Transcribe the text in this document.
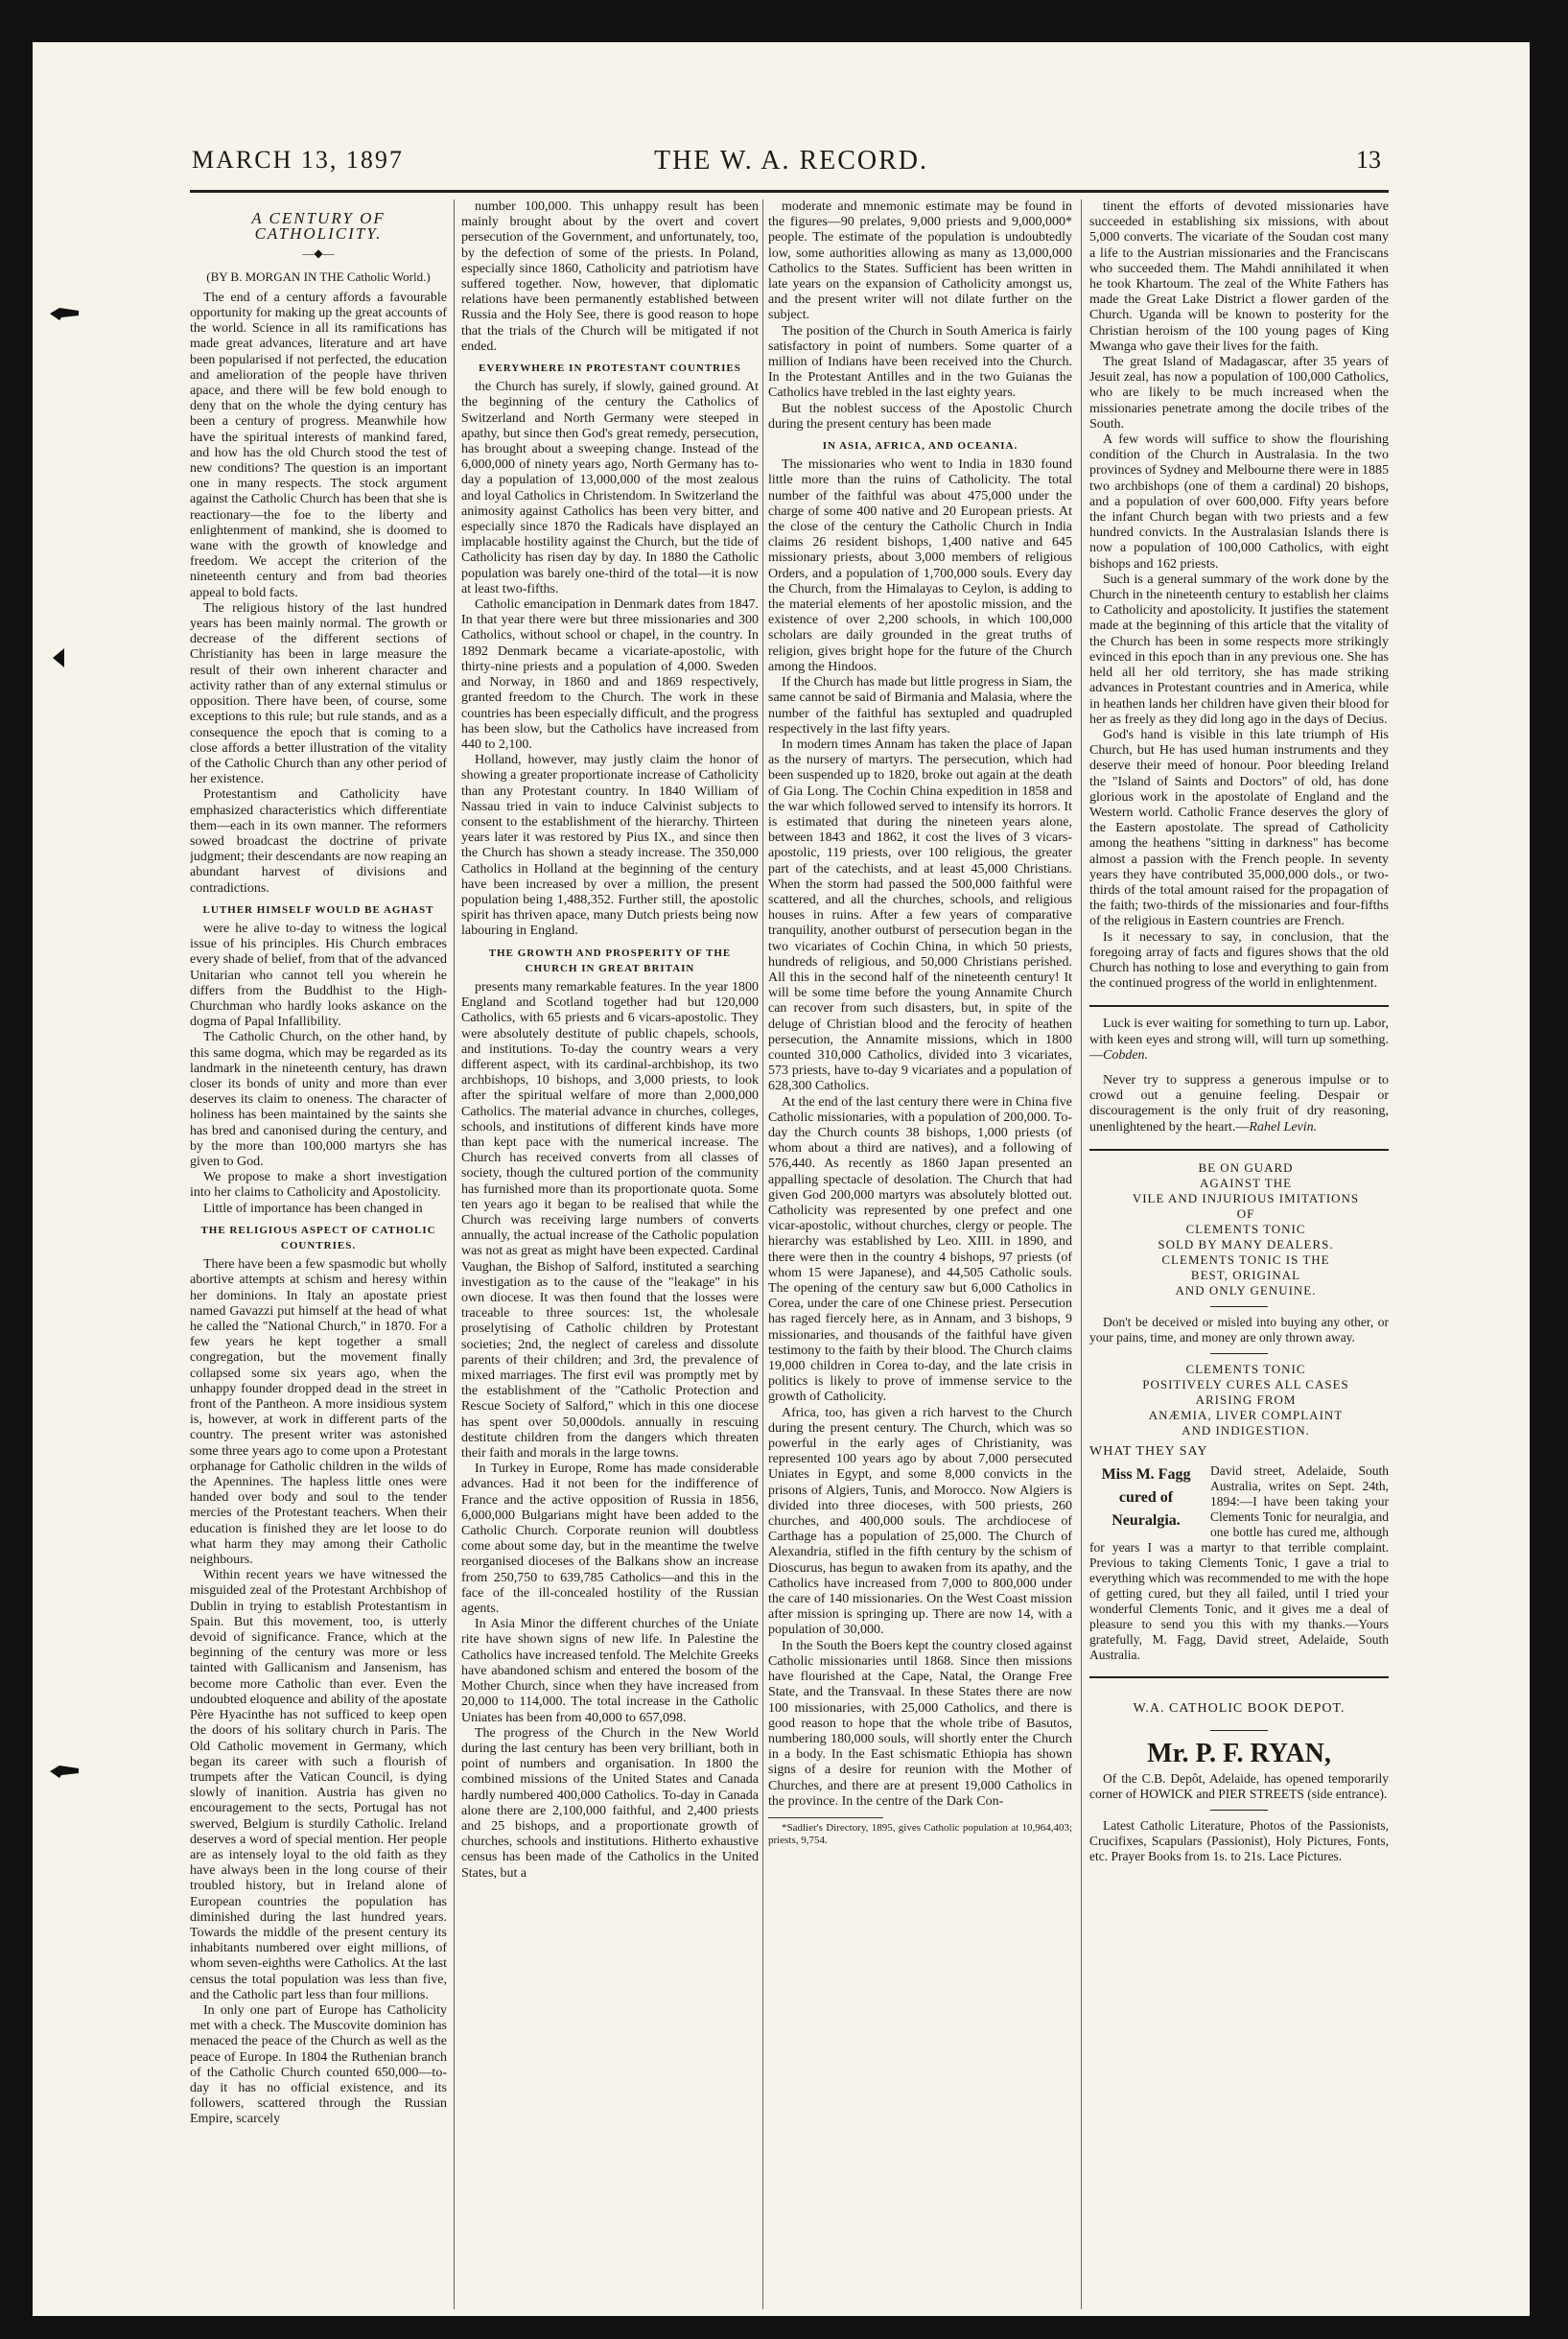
THE W. A. RECORD.
MARCH 13, 1897	13
A CENTURY OF CATHOLICITY.
—◆—
(BY B. MORGAN IN THE Catholic World.)

The end of a century affords a favourable opportunity for making up the great accounts of the world. Science in all its ramifications has made great advances, literature and art have been popularised if not perfected, the education and amelioration of the people have thriven apace, and there will be few bold enough to deny that on the whole the dying century has been a century of progress. Meanwhile how have the spiritual interests of mankind fared, and how has the old Church stood the test of new conditions? The question is an important one in many respects. The stock argument against the Catholic Church has been that she is reactionary—the foe to the liberty and enlightenment of mankind, she is doomed to wane with the growth of knowledge and freedom. We accept the criterion of the nineteenth century and from bad theories appeal to bold facts.

The religious history of the last hundred years has been mainly normal. The growth or decrease of the different sections of Christianity has been in large measure the result of their own inherent character and activity rather than of any external stimulus or opposition. There have been, of course, some exceptions to this rule; but rule stands, and as a consequence the epoch that is coming to a close affords a better illustration of the vitality of the Catholic Church than any other period of her existence.

Protestantism and Catholicity have emphasized characteristics which differentiate them—each in its own manner. The reformers sowed broadcast the doctrine of private judgment; their descendants are now reaping an abundant harvest of divisions and contradictions.

LUTHER HIMSELF WOULD BE AGHAST

were he alive to-day to witness the logical issue of his principles. His Church embraces every shade of belief, from that of the advanced Unitarian who cannot tell you wherein he differs from the Buddhist to the High-Churchman who hardly looks askance on the dogma of Papal Infallibility.

The Catholic Church, on the other hand, by this same dogma, which may be regarded as its landmark in the nineteenth century, has drawn closer its bonds of unity and more than ever deserves its claim to oneness. The character of holiness has been maintained by the saints she has bred and canonised during the century, and by the more than 100,000 martyrs she has given to God.

We propose to make a short investigation into her claims to Catholicity and Apostolicity.

Little of importance has been changed in

THE RELIGIOUS ASPECT OF CATHOLIC COUNTRIES.

There have been a few spasmodic but wholly abortive attempts at schism and heresy within her dominions. In Italy an apostate priest named Gavazzi put himself at the head of what he called the "National Church," in 1870. For a few years he kept together a small congregation, but the movement finally collapsed some six years ago, when the unhappy founder dropped dead in the street in front of the Pantheon. A more insidious system is, however, at work in different parts of the country. The present writer was astonished some three years ago to come upon a Protestant orphanage for Catholic children in the wilds of the Apennines. The hapless little ones were handed over body and soul to the tender mercies of the Protestant teachers. When their education is finished they are let loose to do what harm they may among their Catholic neighbours.

Within recent years we have witnessed the misguided zeal of the Protestant Archbishop of Dublin in trying to establish Protestantism in Spain. But this movement, too, is utterly devoid of significance. France, which at the beginning of the century was more or less tainted with Gallicanism and Jansenism, has become more Catholic than ever. Even the undoubted eloquence and ability of the apostate Père Hyacinthe has not sufficed to keep open the doors of his solitary church in Paris. The Old Catholic movement in Germany, which began its career with such a flourish of trumpets after the Vatican Council, is dying slowly of inanition. Austria has given no encouragement to the sects, Portugal has not swerved, Belgium is sturdily Catholic. Ireland deserves a word of special mention. Her people are as intensely loyal to the old faith as they have always been in the long course of their troubled history, but in Ireland alone of European countries the population has diminished during the last hundred years. Towards the middle of the present century its inhabitants numbered over eight millions, of whom seven-eighths were Catholics. At the last census the total population was less than five, and the Catholic part less than four millions.

In only one part of Europe has Catholicity met with a check. The Muscovite dominion has menaced the peace of the Church as well as the peace of Europe. In 1804 the Ruthenian branch of the Catholic Church counted 650,000—to-day it has no official existence, and its followers, scattered through the Russian Empire, scarcely

number 100,000. This unhappy result has been mainly brought about by the overt and covert persecution of the Government, and unfortunately, too, by the defection of some of the priests. In Poland, especially since 1860, Catholicity and patriotism have suffered together. Now, however, that diplomatic relations have been permanently established between Russia and the Holy See, there is good reason to hope that the trials of the Church will be mitigated if not ended.

EVERYWHERE IN PROTESTANT COUNTRIES

the Church has surely, if slowly, gained ground. At the beginning of the century the Catholics of Switzerland and North Germany were steeped in apathy, but since then God's great remedy, persecution, has brought about a sweeping change. Instead of the 6,000,000 of ninety years ago, North Germany has to-day a population of 13,000,000 of the most zealous and loyal Catholics in Christendom. In Switzerland the animosity against Catholics has been very bitter, and especially since 1870 the Radicals have displayed an implacable hostility against the Church, but the tide of Catholicity has risen day by day. In 1880 the Catholic population was barely one-third of the total—it is now at least two-fifths.

Catholic emancipation in Denmark dates from 1847. In that year there were but three missionaries and 300 Catholics, without school or chapel, in the country. In 1892 Denmark became a vicariate-apostolic, with thirty-nine priests and a population of 4,000. Sweden and Norway, in 1860 and and 1869 respectively, granted freedom to the Church. The work in these countries has been especially difficult, and the progress has been slow, but the Catholics have increased from 440 to 2,100.

Holland, however, may justly claim the honor of showing a greater proportionate increase of Catholicity than any Protestant country. In 1840 William of Nassau tried in vain to induce Calvinist subjects to consent to the establishment of the hierarchy. Thirteen years later it was restored by Pius IX., and since then the Church has shown a steady increase. The 350,000 Catholics in Holland at the beginning of the century have been increased by over a million, the present population being 1,488,352. Further still, the apostolic spirit has thriven apace, many Dutch priests being now labouring in England.

THE GROWTH AND PROSPERITY OF THE CHURCH IN GREAT BRITAIN

presents many remarkable features. In the year 1800 England and Scotland together had but 120,000 Catholics, with 65 priests and 6 vicars-apostolic. They were absolutely destitute of public chapels, schools, and institutions. To-day the country wears a very different aspect, with its cardinal-archbishop, its two archbishops, 10 bishops, and 3,000 priests, to look after the spiritual welfare of more than 2,000,000 Catholics. The material advance in churches, colleges, schools, and institutions of different kinds have more than kept pace with the numerical increase. The Church has received converts from all classes of society, though the cultured portion of the community has furnished more than its proportionate quota. Some ten years ago it began to be realised that while the Church was receiving large numbers of converts annually, the actual increase of the Catholic population was not as great as might have been expected. Cardinal Vaughan, the Bishop of Salford, instituted a searching investigation as to the cause of the "leakage" in his own diocese. It was then found that the losses were traceable to three sources: 1st, the wholesale proselytising of Catholic children by Protestant societies; 2nd, the neglect of careless and dissolute parents of their children; and 3rd, the prevalence of mixed marriages. The first evil was promptly met by the establishment of the "Catholic Protection and Rescue Society of Salford," which in this one diocese has spent over 50,000dols. annually in rescuing destitute children from the dangers which threaten their faith and morals in the large towns.

In Turkey in Europe, Rome has made considerable advances. Had it not been for the indifference of France and the active opposition of Russia in 1856, 6,000,000 Bulgarians might have been added to the Catholic Church. Corporate reunion will doubtless come about some day, but in the meantime the twelve reorganised dioceses of the Balkans show an increase from 250,750 to 639,785 Catholics—and this in the face of the ill-concealed hostility of the Russian agents.

In Asia Minor the different churches of the Uniate rite have shown signs of new life. In Palestine the Catholics have increased tenfold. The Melchite Greeks have abandoned schism and entered the bosom of the Mother Church, since when they have increased from 20,000 to 114,000. The total increase in the Catholic Uniates has been from 40,000 to 657,098.

The progress of the Church in the New World during the last century has been very brilliant, both in point of numbers and organisation. In 1800 the combined missions of the United States and Canada hardly numbered 400,000 Catholics. To-day in Canada alone there are 2,100,000 faithful, and 2,400 priests and 25 bishops, and a proportionate growth of churches, schools and institutions. Hitherto exhaustive census has been made of the Catholics in the United States, but a

moderate and mnemonic estimate may be found in the figures—90 prelates, 9,000 priests and 9,000,000* people. The estimate of the population is undoubtedly low, some authorities allowing as many as 13,000,000 Catholics to the States. Sufficient has been written in late years on the expansion of Catholicity amongst us, and the present writer will not dilate further on the subject.

The position of the Church in South America is fairly satisfactory in point of numbers. Some quarter of a million of Indians have been received into the Church. In the Protestant Antilles and in the two Guianas the Catholics have trebled in the last eighty years.

But the noblest success of the Apostolic Church during the present century has been made

IN ASIA, AFRICA, AND OCEANIA.

The missionaries who went to India in 1830 found little more than the ruins of Catholicity. The total number of the faithful was about 475,000 under the charge of some 400 native and 20 European priests. At the close of the century the Catholic Church in India claims 26 resident bishops, 1,400 native and 645 missionary priests, about 3,000 members of religious Orders, and a population of 1,700,000 souls. Every day the Church, from the Himalayas to Ceylon, is adding to the material elements of her apostolic mission, and the existence of over 2,200 schools, in which 100,000 scholars are daily grounded in the great truths of religion, gives bright hope for the future of the Church among the Hindoos.

If the Church has made but little progress in Siam, the same cannot be said of Birmania and Malasia, where the number of the faithful has sextupled and quadrupled respectively in the last fifty years.

In modern times Annam has taken the place of Japan as the nursery of martyrs. The persecution, which had been suspended up to 1820, broke out again at the death of Gia Long. The Cochin China expedition in 1858 and the war which followed served to intensify its horrors. It is estimated that during the nineteen years alone, between 1843 and 1862, it cost the lives of 3 vicars-apostolic, 119 priests, over 100 religious, the greater part of the catechists, and at least 45,000 Christians. When the storm had passed the 500,000 faithful were scattered, and all the churches, schools, and religious houses in ruins. After a few years of comparative tranquility, another outburst of persecution began in the two vicariates of Cochin China, in which 50 priests, hundreds of religious, and 50,000 Christians perished. All this in the second half of the nineteenth century! It will be some time before the young Annamite Church can recover from such disasters, but, in spite of the deluge of Christian blood and the ferocity of heathen persecution, the Annamite missions, which in 1800 counted 310,000 Catholics, divided into 3 vicariates, 573 priests, have to-day 9 vicariates and a population of 628,300 Catholics.

At the end of the last century there were in China five Catholic missionaries, with a population of 200,000. To-day the Church counts 38 bishops, 1,000 priests (of whom about a third are natives), and a following of 576,440. As recently as 1860 Japan presented an appalling spectacle of desolation. The Church that had given God 200,000 martyrs was absolutely blotted out. Catholicity was represented by one prefect and one vicar-apostolic, without churches, clergy or people. The hierarchy was established by Leo. XIII. in 1890, and there were then in the country 4 bishops, 97 priests (of whom 15 were Japanese), and 44,505 Catholic souls. The opening of the century saw but 6,000 Catholics in Corea, under the care of one Chinese priest. Persecution has raged fiercely here, as in Annam, and 3 bishops, 9 missionaries, and thousands of the faithful have given testimony to the faith by their blood. The Church claims 19,000 children in Corea to-day, and the late crisis in politics is likely to prove of immense service to the growth of Catholicity.

Africa, too, has given a rich harvest to the Church during the present century. The Church, which was so powerful in the early ages of Christianity, was represented 100 years ago by about 7,000 persecuted Uniates in Egypt, and some 8,000 convicts in the prisons of Algiers, Tunis, and Morocco. Now Algiers is divided into three dioceses, with 500 priests, 260 churches, and 400,000 souls. The archdiocese of Carthage has a population of 25,000. The Church of Alexandria, stifled in the fifth century by the schism of Dioscurus, has begun to awaken from its apathy, and the Catholics have increased from 7,000 to 800,000 under the care of 140 missionaries. On the West Coast mission after mission is springing up. There are now 14, with a population of 30,000.

In the South the Boers kept the country closed against Catholic missionaries until 1868. Since then missions have flourished at the Cape, Natal, the Orange Free State, and the Transvaal. In these States there are now 100 missionaries, with 25,000 Catholics, and there is good reason to hope that the whole tribe of Basutos, numbering 180,000 souls, will shortly enter the Church in a body. In the East schismatic Ethiopia has shown signs of a desire for reunion with the Mother of Churches, and there are at present 19,000 Catholics in the province. In the centre of the Dark Con-

*Sadlier's Directory, 1895, gives Catholic population at 10,964,403; priests, 9,754.

tinent the efforts of devoted missionaries have succeeded in establishing six missions, with about 5,000 converts. The vicariate of the Soudan cost many a life to the Austrian missionaries and the Franciscans who succeeded them. The Mahdi annihilated it when he took Khartoum. The zeal of the White Fathers has made the Great Lake District a flower garden of the Church. Uganda will be known to posterity for the Christian heroism of the 100 young pages of King Mwanga who gave their lives for the faith.

The great Island of Madagascar, after 35 years of Jesuit zeal, has now a population of 100,000 Catholics, who are likely to be much increased when the missionaries penetrate among the docile tribes of the South.

A few words will suffice to show the flourishing condition of the Church in Australasia. In the two provinces of Sydney and Melbourne there were in 1885 two archbishops (one of them a cardinal) 20 bishops, and a population of over 600,000. Fifty years before the infant Church began with two priests and a few hundred convicts. In the Australasian Islands there is now a population of 100,000 Catholics, with eight bishops and 162 priests.

Such is a general summary of the work done by the Church in the nineteenth century to establish her claims to Catholicity and apostolicity. It justifies the statement made at the beginning of this article that the vitality of the Church has been in some respects more strikingly evinced in this epoch than in any previous one. She has held all her old territory, she has made striking advances in Protestant countries and in America, while in heathen lands her children have given their blood for her as freely as they did long ago in the days of Decius.

God's hand is visible in this late triumph of His Church, but He has used human instruments and they deserve their meed of honour. Poor bleeding Ireland the "Island of Saints and Doctors" of old, has done glorious work in the apostolate of England and the Western world. Catholic France deserves the glory of the Eastern apostolate. The spread of Catholicity among the heathens "sitting in darkness" has become almost a passion with the French people. In seventy years they have contributed 35,000,000 dols., or two-thirds of the total amount raised for the propagation of the faith; two-thirds of the missionaries and four-fifths of the religious in Eastern countries are French.

Is it necessary to say, in conclusion, that the foregoing array of facts and figures shows that the old Church has nothing to lose and everything to gain from the continued progress of the world in enlightenment.

Luck is ever waiting for something to turn up. Labor, with keen eyes and strong will, will turn up something.—Cobden.

Never try to suppress a generous impulse or to crowd out a genuine feeling. Despair or discouragement is the only fruit of dry reasoning, unenlightened by the heart.—Rahel Levin.

BE ON GUARD

AGAINST THE

VILE AND INJURIOUS IMITATIONS

OF

CLEMENTS TONIC

SOLD BY MANY DEALERS.

CLEMENTS TONIC IS THE

BEST, ORIGINAL

AND ONLY GENUINE.

Don't be deceived or misled into buying any other, or your pains, time, and money are only thrown away.

CLEMENTS TONIC

POSITIVELY CURES ALL CASES

ARISING FROM

ANÆMIA, LIVER COMPLAINT

AND INDIGESTION.

WHAT THEY SAY
Miss M. Fagg
cured of
Neuralgia.
David street, Adelaide, South Australia, writes on Sept. 24th, 1894:—I have been taking your Clements Tonic for neuralgia, and one bottle has cured me, although for years I was a martyr to that terrible complaint. Previous to taking Clements Tonic, I gave a trial to everything which was recommended to me with the hope of getting cured, but they all failed, until I tried your wonderful Clements Tonic, and it gives me a deal of pleasure to send you this with my thanks.—Yours gratefully, M. Fagg, David street, Adelaide, South Australia.
W.A. CATHOLIC BOOK DEPOT.
Mr. P. F. RYAN,

Of the C.B. Depôt, Adelaide, has opened temporarily corner of HOWICK and PIER STREETS (side entrance).

Latest Catholic Literature, Photos of the Passionists, Crucifixes, Scapulars (Passionist), Holy Pictures, Fonts, etc. Prayer Books from 1s. to 21s. Lace Pictures.
